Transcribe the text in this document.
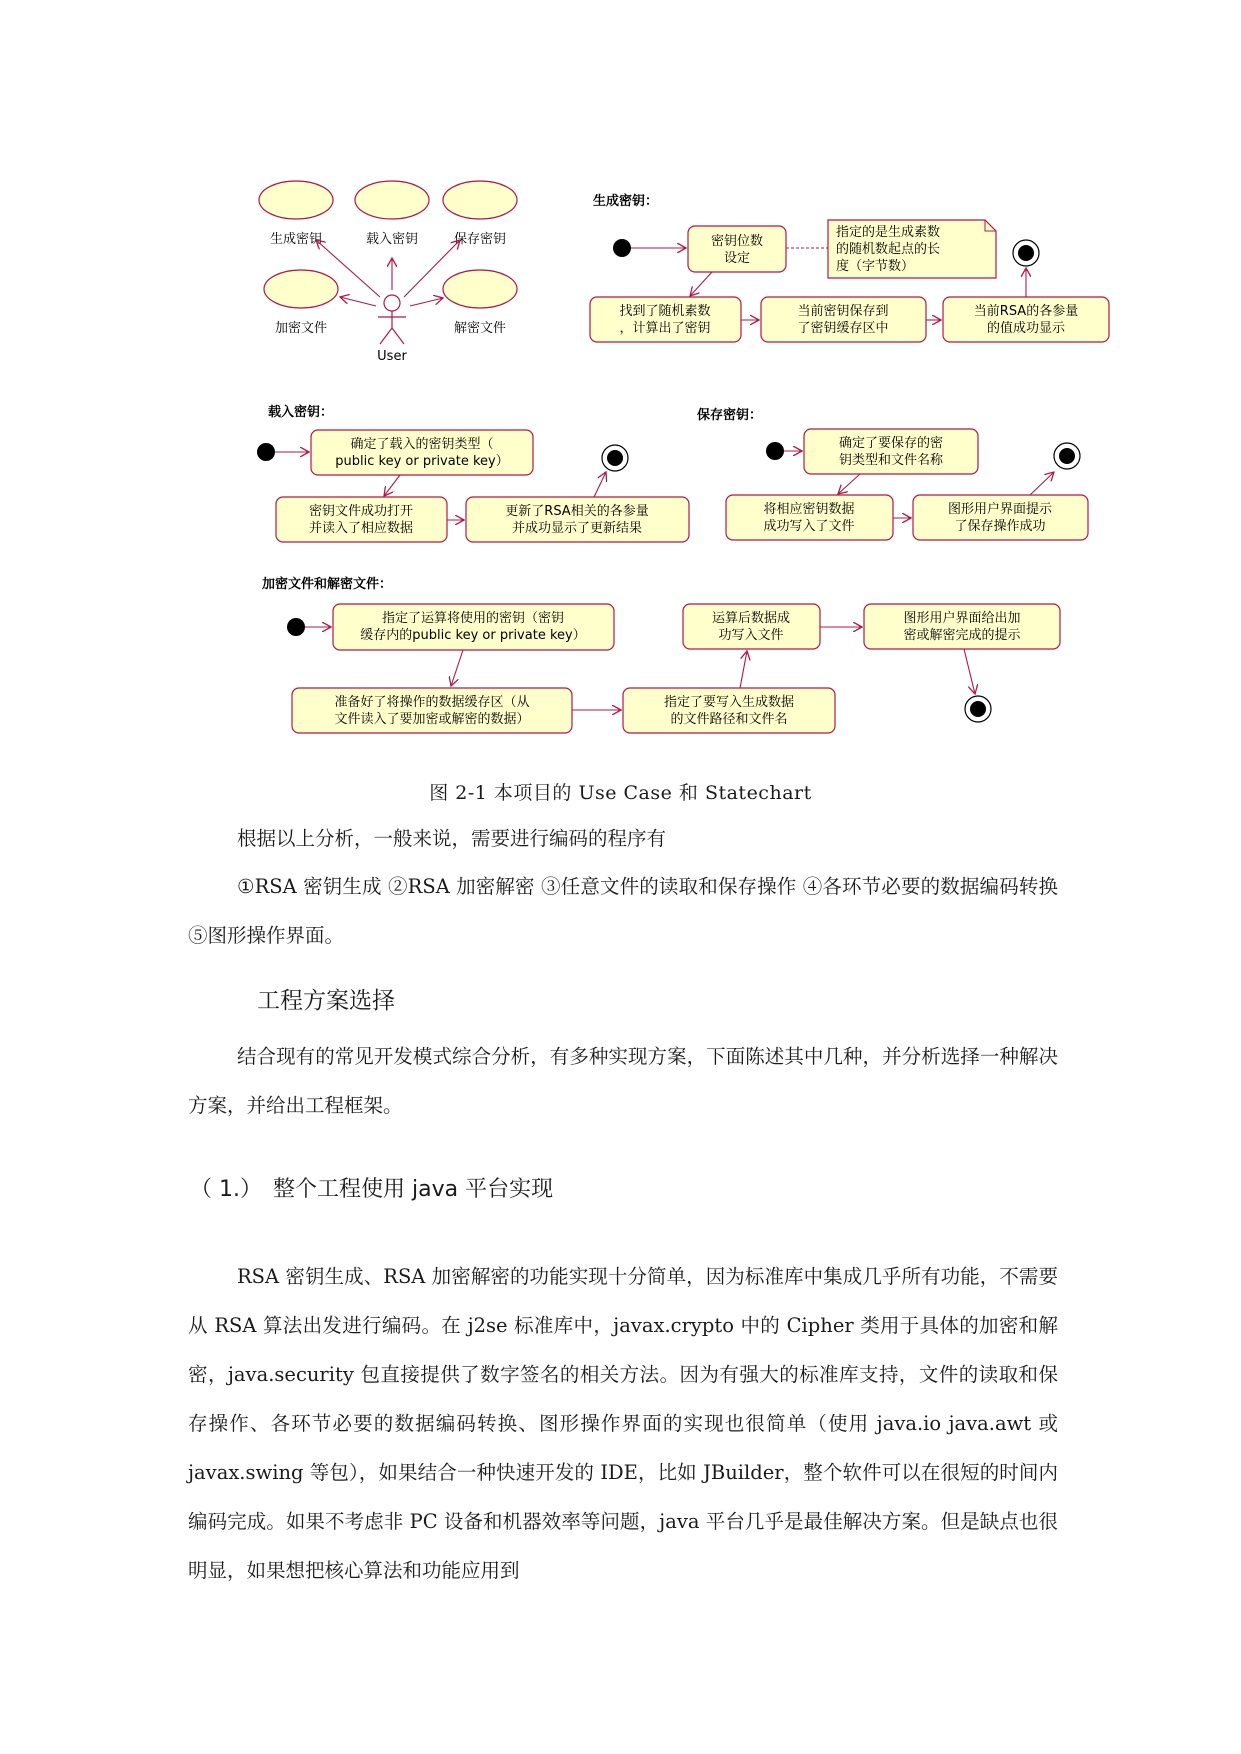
生成密钥	载入密钥	保存密钥
加密文件	解密文件
User
生成密钥：
密钥位数
设定
指定的是生成素数
的随机数起点的长
度（字节数）
找到了随机素数
，计算出了密钥
当前密钥保存到
了密钥缓存区中
当前RSA的各参量
的值成功显示
载入密钥：
确定了载入的密钥类型（
public key or private key）
密钥文件成功打开
并读入了相应数据
更新了RSA相关的各参量
并成功显示了更新结果
保存密钥：
确定了要保存的密
钥类型和文件名称
将相应密钥数据
成功写入了文件
图形用户界面提示
了保存操作成功
加密文件和解密文件：
指定了运算将使用的密钥（密钥
缓存内的public key or private key）
准备好了将操作的数据缓存区（从
文件读入了要加密或解密的数据）
指定了要写入生成数据
的文件路径和文件名
运算后数据成
功写入文件
图形用户界面给出加
密或解密完成的提示
图 2-1 本项目的 Use Case 和 Statechart

根据以上分析，一般来说，需要进行编码的程序有

①RSA 密钥生成 ②RSA 加密解密 ③任意文件的读取和保存操作 ④各环节必要的数据编码转换 ⑤图形操作界面。

工程方案选择

结合现有的常见开发模式综合分析，有多种实现方案，下面陈述其中几种，并分析选择一种解决方案，并给出工程框架。

（ 1.） 整个工程使用 java 平台实现

RSA 密钥生成、RSA 加密解密的功能实现十分简单，因为标准库中集成几乎所有功能，不需要从 RSA 算法出发进行编码。在 j2se 标准库中，javax.crypto 中的 Cipher 类用于具体的加密和解密，java.security 包直接提供了数字签名的相关方法。因为有强大的标准库支持，文件的读取和保存操作、各环节必要的数据编码转换、图形操作界面的实现也很简单（使用 java.io java.awt 或 javax.swing 等包），如果结合一种快速开发的 IDE，比如 JBuilder，整个软件可以在很短的时间内编码完成。如果不考虑非 PC 设备和机器效率等问题，java 平台几乎是最佳解决方案。但是缺点也很明显，如果想把核心算法和功能应用到
